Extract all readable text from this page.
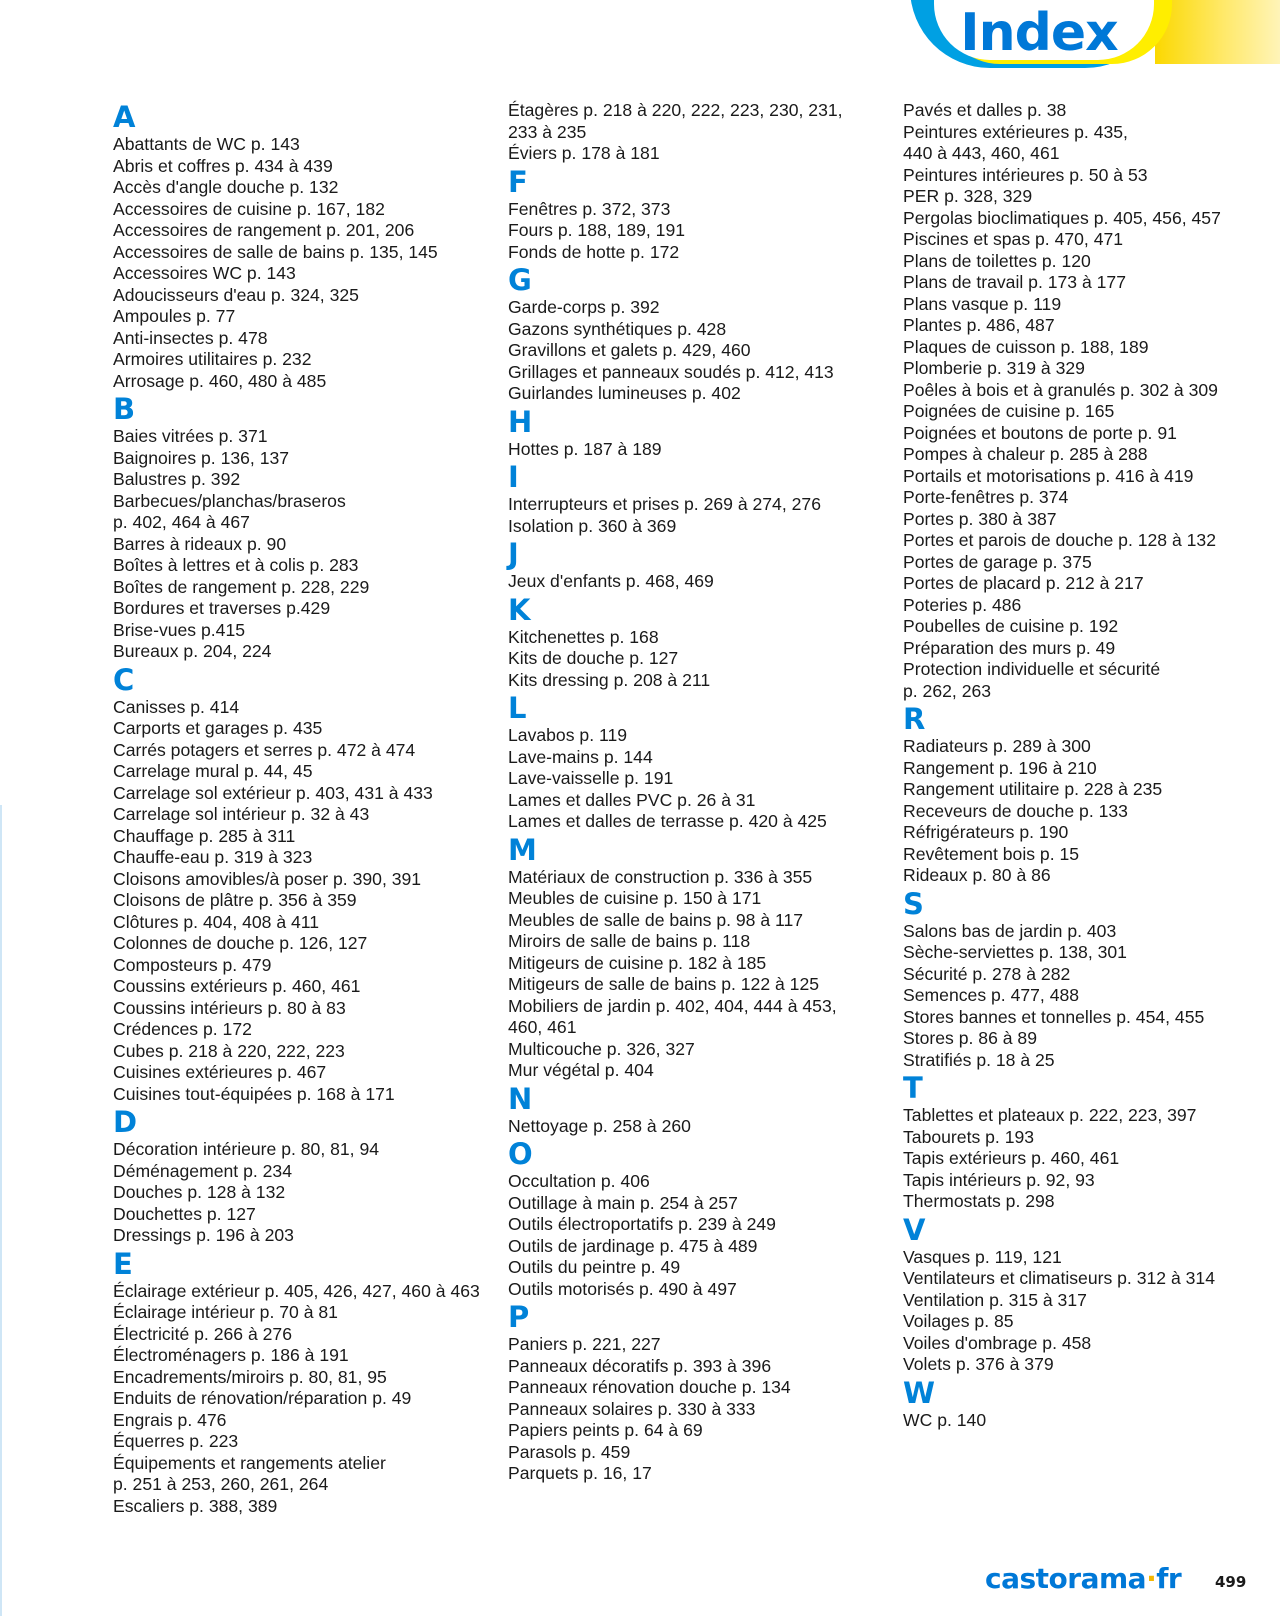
Index
A
Abattants de WC p. 143
Abris et coffres p. 434 à 439
Accès d'angle douche p. 132
Accessoires de cuisine p. 167, 182
Accessoires de rangement p. 201, 206
Accessoires de salle de bains p. 135, 145
Accessoires WC p. 143
Adoucisseurs d'eau p. 324, 325
Ampoules p. 77
Anti-insectes p. 478
Armoires utilitaires p. 232
Arrosage p. 460, 480 à 485
B
Baies vitrées p. 371
Baignoires p. 136, 137
Balustres p. 392
Barbecues/planchas/braseros
p. 402, 464 à 467
Barres à rideaux p. 90
Boîtes à lettres et à colis p. 283
Boîtes de rangement p. 228, 229
Bordures et traverses p.429
Brise-vues p.415
Bureaux p. 204, 224
C
Canisses p. 414
Carports et garages p. 435
Carrés potagers et serres p. 472 à 474
Carrelage mural p. 44, 45
Carrelage sol extérieur p. 403, 431 à 433
Carrelage sol intérieur p. 32 à 43
Chauffage p. 285 à 311
Chauffe-eau p. 319 à 323
Cloisons amovibles/à poser p. 390, 391
Cloisons de plâtre p. 356 à 359
Clôtures p. 404, 408 à 411
Colonnes de douche p. 126, 127
Composteurs p. 479
Coussins extérieurs p. 460, 461
Coussins intérieurs p. 80 à 83
Crédences p. 172
Cubes p. 218 à 220, 222, 223
Cuisines extérieures p. 467
Cuisines tout-équipées p. 168 à 171
D
Décoration intérieure p. 80, 81, 94
Déménagement p. 234
Douches p. 128 à 132
Douchettes p. 127
Dressings p. 196 à 203
E
Éclairage extérieur p. 405, 426, 427, 460 à 463
Éclairage intérieur p. 70 à 81
Électricité p. 266 à 276
Électroménagers p. 186 à 191
Encadrements/miroirs p. 80, 81, 95
Enduits de rénovation/réparation p. 49
Engrais p. 476
Équerres p. 223
Équipements et rangements atelier
p. 251 à 253, 260, 261, 264
Escaliers p. 388, 389
Étagères p. 218 à 220, 222, 223, 230, 231,
233 à 235
Éviers p. 178 à 181
F
Fenêtres p. 372, 373
Fours p. 188, 189, 191
Fonds de hotte p. 172
G
Garde-corps p. 392
Gazons synthétiques p. 428
Gravillons et galets p. 429, 460
Grillages et panneaux soudés p. 412, 413
Guirlandes lumineuses p. 402
H
Hottes p. 187 à 189
I
Interrupteurs et prises p. 269 à 274, 276
Isolation p. 360 à 369
J
Jeux d'enfants p. 468, 469
K
Kitchenettes p. 168
Kits de douche p. 127
Kits dressing p. 208 à 211
L
Lavabos p. 119
Lave-mains p. 144
Lave-vaisselle p. 191
Lames et dalles PVC p. 26 à 31
Lames et dalles de terrasse p. 420 à 425
M
Matériaux de construction p. 336 à 355
Meubles de cuisine p. 150 à 171
Meubles de salle de bains p. 98 à 117
Miroirs de salle de bains p. 118
Mitigeurs de cuisine p. 182 à 185
Mitigeurs de salle de bains p. 122 à 125
Mobiliers de jardin p. 402, 404, 444 à 453,
460, 461
Multicouche p. 326, 327
Mur végétal p. 404
N
Nettoyage p. 258 à 260
O
Occultation p. 406
Outillage à main p. 254 à 257
Outils électroportatifs p. 239 à 249
Outils de jardinage p. 475 à 489
Outils du peintre p. 49
Outils motorisés p. 490 à 497
P
Paniers p. 221, 227
Panneaux décoratifs p. 393 à 396
Panneaux rénovation douche p. 134
Panneaux solaires p. 330 à 333
Papiers peints p. 64 à 69
Parasols p. 459
Parquets p. 16, 17
Pavés et dalles p. 38
Peintures extérieures p. 435,
440 à 443, 460, 461
Peintures intérieures p. 50 à 53
PER p. 328, 329
Pergolas bioclimatiques p. 405, 456, 457
Piscines et spas p. 470, 471
Plans de toilettes p. 120
Plans de travail p. 173 à 177
Plans vasque p. 119
Plantes p. 486, 487
Plaques de cuisson p. 188, 189
Plomberie p. 319 à 329
Poêles à bois et à granulés p. 302 à 309
Poignées de cuisine p. 165
Poignées et boutons de porte p. 91
Pompes à chaleur p. 285 à 288
Portails et motorisations p. 416 à 419
Porte-fenêtres p. 374
Portes p. 380 à 387
Portes et parois de douche p. 128 à 132
Portes de garage p. 375
Portes de placard p. 212 à 217
Poteries p. 486
Poubelles de cuisine p. 192
Préparation des murs p. 49
Protection individuelle et sécurité
p. 262, 263
R
Radiateurs p. 289 à 300
Rangement p. 196 à 210
Rangement utilitaire p. 228 à 235
Receveurs de douche p. 133
Réfrigérateurs p. 190
Revêtement bois p. 15
Rideaux p. 80 à 86
S
Salons bas de jardin p. 403
Sèche-serviettes p. 138, 301
Sécurité p. 278 à 282
Semences p. 477, 488
Stores bannes et tonnelles p. 454, 455
Stores p. 86 à 89
Stratifiés p. 18 à 25
T
Tablettes et plateaux p. 222, 223, 397
Tabourets p. 193
Tapis extérieurs p. 460, 461
Tapis intérieurs p. 92, 93
Thermostats p. 298
V
Vasques p. 119, 121
Ventilateurs et climatiseurs p. 312 à 314
Ventilation p. 315 à 317
Voilages p. 85
Voiles d'ombrage p. 458
Volets p. 376 à 379
W
WC p. 140
castorama·fr 499
